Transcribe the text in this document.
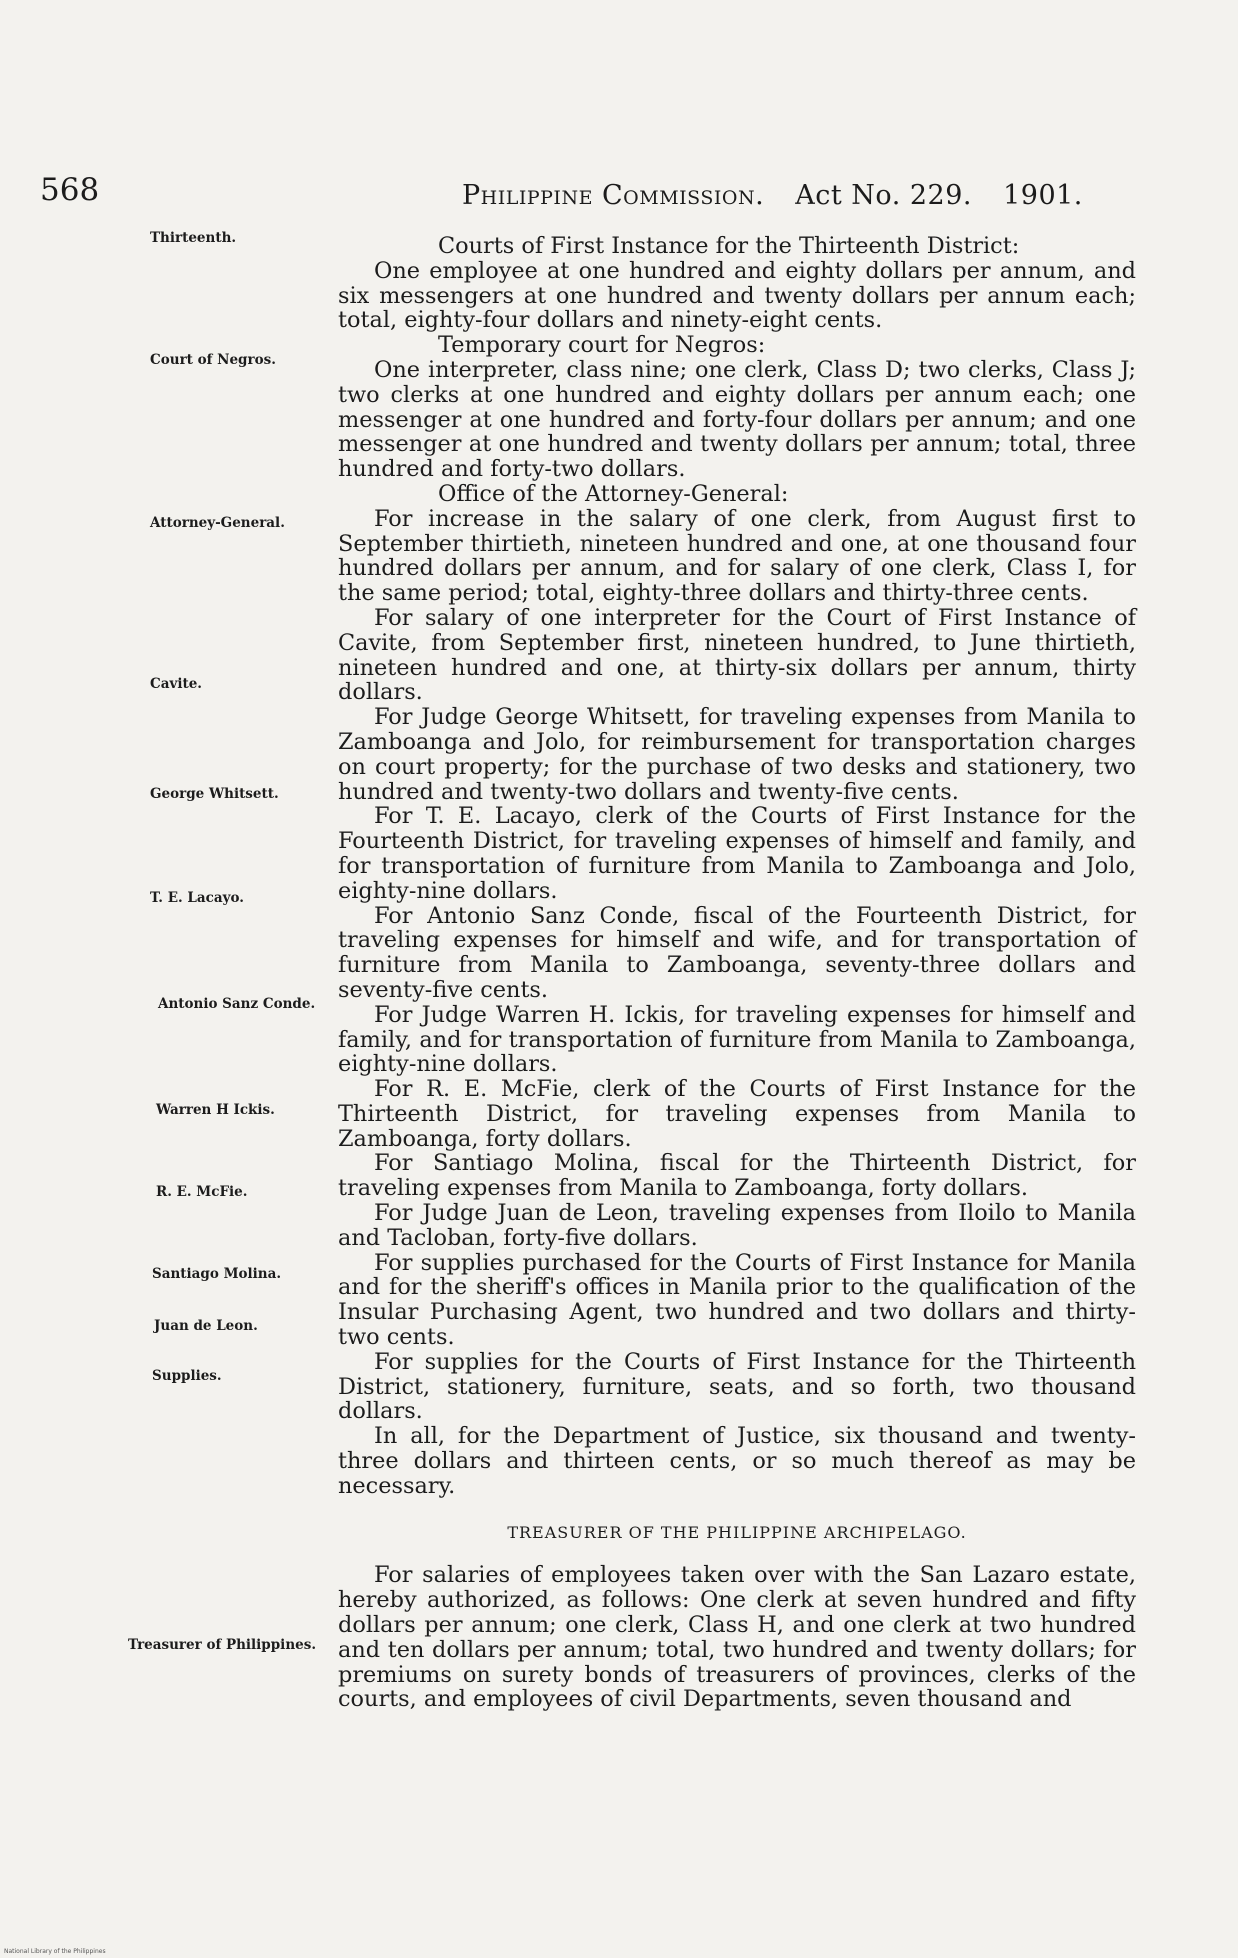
568	Philippine Commission. Act No. 229. 1901.
Thirteenth.
Court of Negros.
Attorney-General.
Cavite.
George Whitsett.
T. E. Lacayo.
Antonio Sanz Conde.
Warren H Ickis.
R. E. McFie.
Santiago Molina.
Juan de Leon.
Supplies.
Treasurer of Philippines.

Courts of First Instance for the Thirteenth District:

One employee at one hundred and eighty dollars per annum, and six messengers at one hundred and twenty dollars per annum each; total, eighty-four dollars and ninety-eight cents.

Temporary court for Negros:

One interpreter, class nine; one clerk, Class D; two clerks, Class J; two clerks at one hundred and eighty dollars per annum each; one messenger at one hundred and forty-four dollars per annum; and one messenger at one hundred and twenty dollars per annum; total, three hundred and forty-two dollars.

Office of the Attorney-General:

For increase in the salary of one clerk, from August first to September thirtieth, nineteen hundred and one, at one thousand four hundred dollars per annum, and for salary of one clerk, Class I, for the same period; total, eighty-three dollars and thirty-three cents.

For salary of one interpreter for the Court of First Instance of Cavite, from September first, nineteen hundred, to June thirtieth, nineteen hundred and one, at thirty-six dollars per annum, thirty dollars.

For Judge George Whitsett, for traveling expenses from Manila to Zamboanga and Jolo, for reimbursement for transportation charges on court property; for the purchase of two desks and stationery, two hundred and twenty-two dollars and twenty-five cents.

For T. E. Lacayo, clerk of the Courts of First Instance for the Fourteenth District, for traveling expenses of himself and family, and for transportation of furniture from Manila to Zamboanga and Jolo, eighty-nine dollars.

For Antonio Sanz Conde, fiscal of the Fourteenth District, for traveling expenses for himself and wife, and for transportation of furniture from Manila to Zamboanga, seventy-three dollars and seventy-five cents.

For Judge Warren H. Ickis, for traveling expenses for himself and family, and for transportation of furniture from Manila to Zamboanga, eighty-nine dollars.

For R. E. McFie, clerk of the Courts of First Instance for the Thirteenth District, for traveling expenses from Manila to Zamboanga, forty dollars.

For Santiago Molina, fiscal for the Thirteenth District, for traveling expenses from Manila to Zamboanga, forty dollars.

For Judge Juan de Leon, traveling expenses from Iloilo to Manila and Tacloban, forty-five dollars.

For supplies purchased for the Courts of First Instance for Manila and for the sheriff's offices in Manila prior to the qualification of the Insular Purchasing Agent, two hundred and two dollars and thirty-two cents.

For supplies for the Courts of First Instance for the Thirteenth District, stationery, furniture, seats, and so forth, two thousand dollars.

In all, for the Department of Justice, six thousand and twenty-three dollars and thirteen cents, or so much thereof as may be necessary.

TREASURER OF THE PHILIPPINE ARCHIPELAGO.

For salaries of employees taken over with the San Lazaro estate, hereby authorized, as follows: One clerk at seven hundred and fifty dollars per annum; one clerk, Class H, and one clerk at two hundred and ten dollars per annum; total, two hundred and twenty dollars; for premiums on surety bonds of treasurers of provinces, clerks of the courts, and employees of civil Departments, seven thousand and

National Library of the Philippines
